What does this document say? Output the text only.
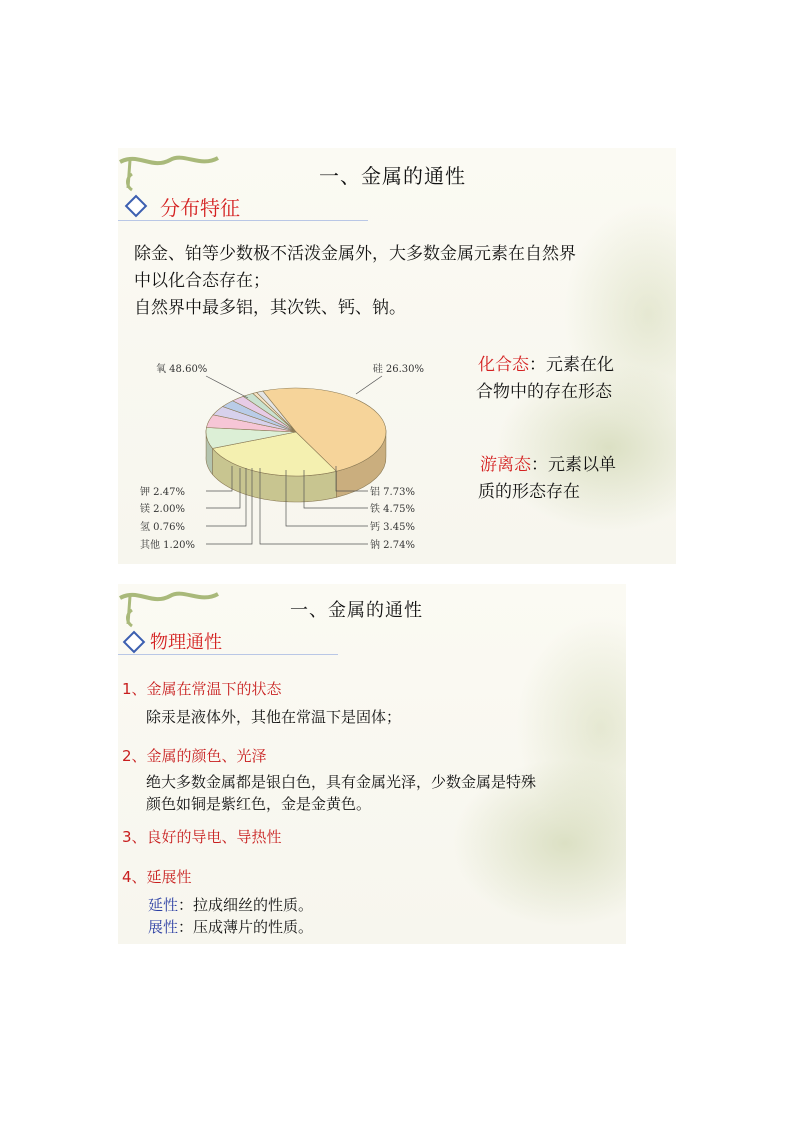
一、金属的通性
分布特征
除金、铂等少数极不活泼金属外，大多数金属元素在自然界
中以化合态存在；
自然界中最多铝，其次铁、钙、钠。
氧 48.60%	硅 26.30%
铝 7.73%
铁 4.75%
钙 3.45%
钠 2.74%
钾 2.47%
镁 2.00%
氢 0.76%
其他 1.20%
化合态：元素在化
合物中的存在形态
游离态：元素以单
质的形态存在
一、金属的通性
物理通性
1、金属在常温下的状态
除汞是液体外，其他在常温下是固体；
2、金属的颜色、光泽
绝大多数金属都是银白色，具有金属光泽，少数金属是特殊
颜色如铜是紫红色，金是金黄色。
3、良好的导电、导热性
4、延展性
延性：拉成细丝的性质。
展性：压成薄片的性质。
